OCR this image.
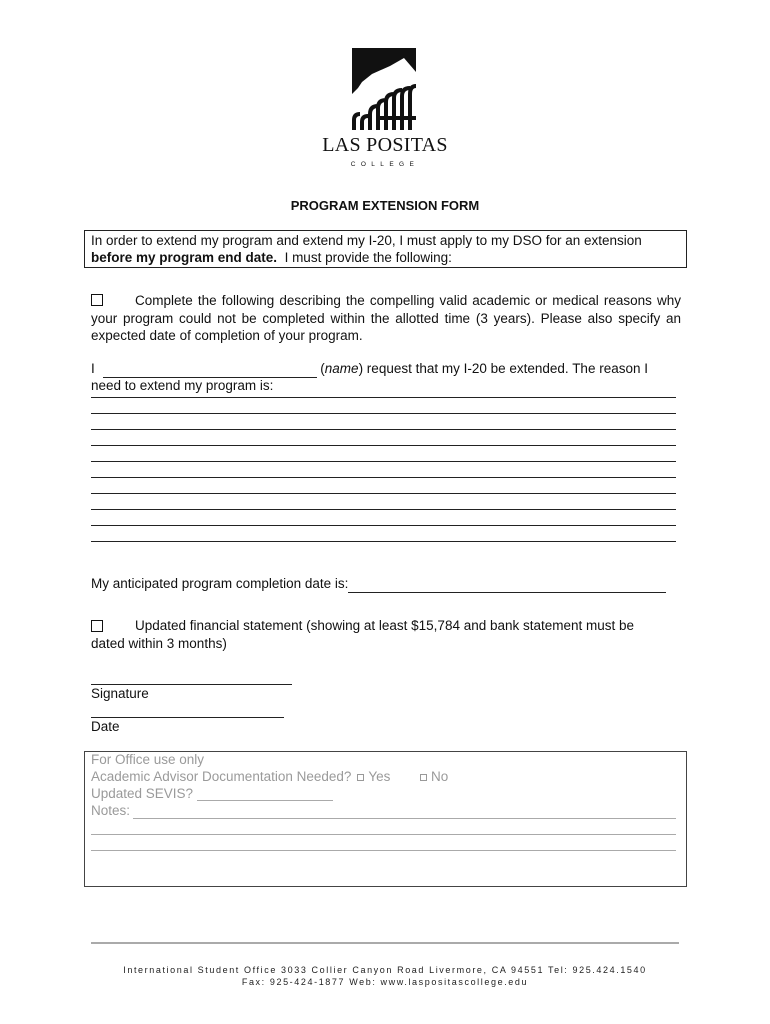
LAS POSITAS
COLLEGE
PROGRAM EXTENSION FORM
In order to extend my program and extend my I-20, I must apply to my DSO for an extension
before my program end date. I must provide the following:
Complete the following describing the compelling valid academic or medical reasons why your program could not be completed within the allotted time (3 years). Please also specify an expected date of completion of your program.
I	(name) request that my I-20 be extended. The reason I
need to extend my program is:
My anticipated program completion date is:
Updated financial statement (showing at least $15,784 and bank statement must be
dated within 3 months)
Signature
Date
For Office use only
Academic Advisor Documentation Needed? Yes	No
Updated SEVIS?
Notes:
International Student Office 3033 Collier Canyon Road Livermore, CA 94551 Tel: 925.424.1540
Fax: 925-424-1877 Web: www.laspositascollege.edu
